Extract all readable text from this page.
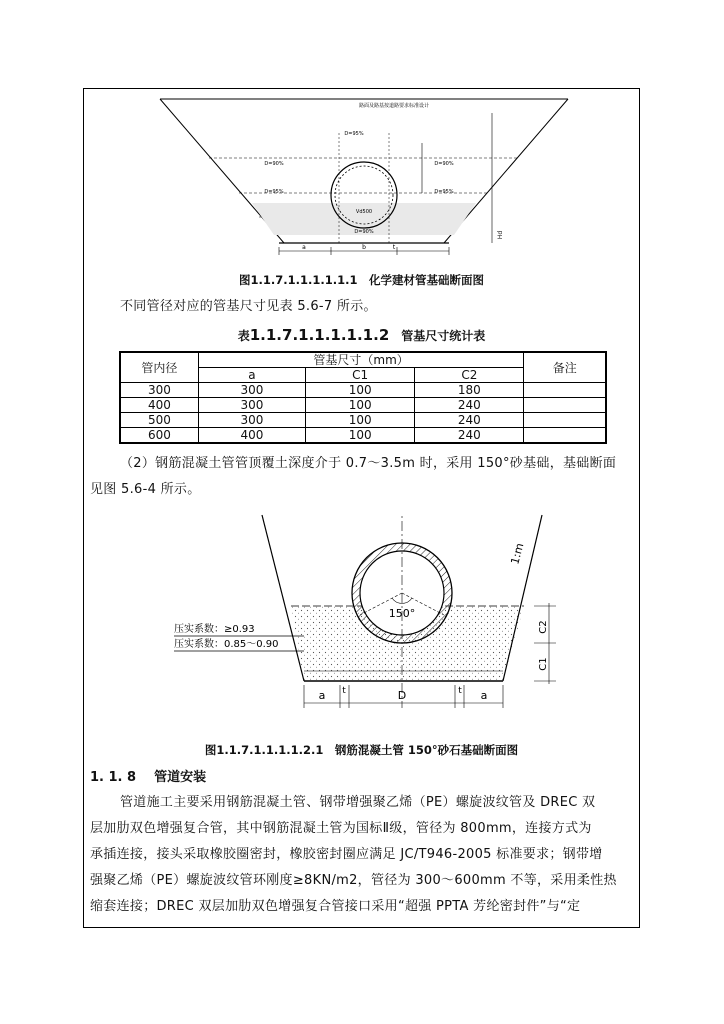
路面及路基按道路要求标准设计
D=95%
D=90%	D=90%
D=95%	D=95%
Vd500
D=90%
a	b	t
Hd
图1.1.7.1.1.1.1.1.1　化学建材管基础断面图
不同管径对应的管基尺寸见表 5.6-7 所示。
表1.1.7.1.1.1.1.1.2 管基尺寸统计表
管内径	管基尺寸（mm）			备注
	a	C1	C2	
300	300	100	180	
400	300	100	240	
500	300	100	240	
600	400	100	240	
（2）钢筋混凝土管管顶覆土深度介于 0.7～3.5m 时，采用 150°砂基础，基础断面
见图 5.6-4 所示。
压实系数：≥0.93
压实系数：0.85～0.90
150°
1:m
C2
C1
a t	D	t a
图1.1.7.1.1.1.1.2.1　钢筋混凝土管 150°砂石基础断面图
1. 1. 8 管道安装
管道施工主要采用钢筋混凝土管、钢带增强聚乙烯（PE）螺旋波纹管及 DREC 双
层加肋双色增强复合管，其中钢筋混凝土管为国标Ⅱ级，管径为 800mm，连接方式为
承插连接，接头采取橡胶圈密封，橡胶密封圈应满足 JC/T946-2005 标准要求；钢带增
强聚乙烯（PE）螺旋波纹管环刚度≥8KN/m2，管径为 300～600mm 不等，采用柔性热
缩套连接；DREC 双层加肋双色增强复合管接口采用“超强 PPTA 芳纶密封件”与“定
